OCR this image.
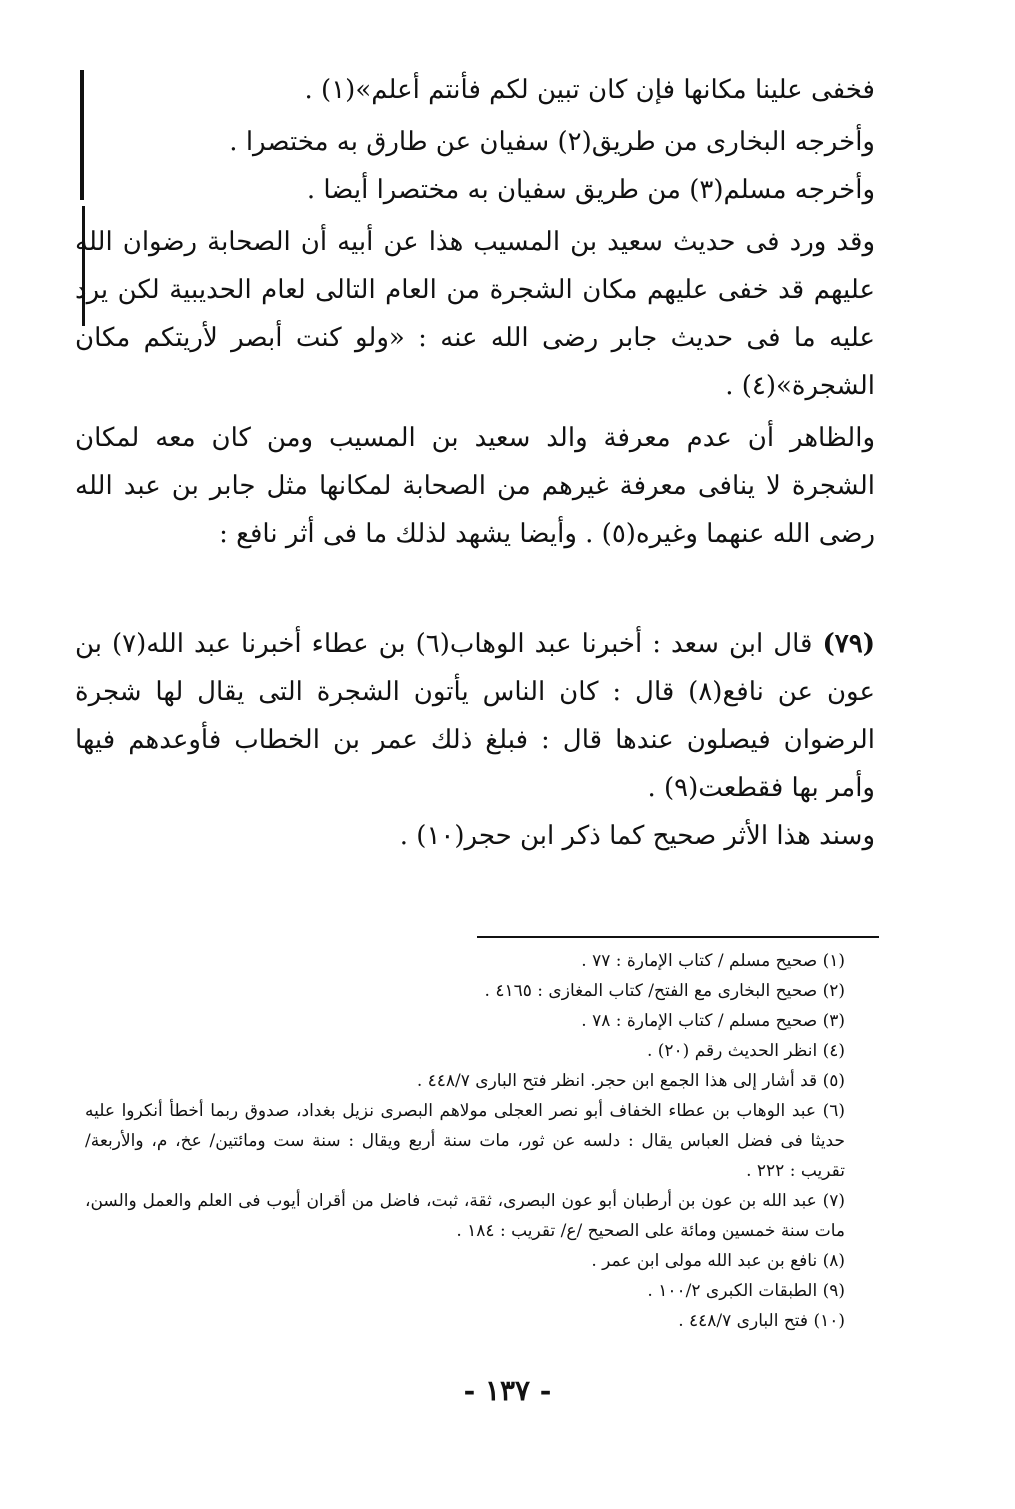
فخفى علينا مكانها فإن كان تبين لكم فأنتم أعلم»(١) .

وأخرجه البخارى من طريق(٢) سفيان عن طارق به مختصرا .

وأخرجه مسلم(٣) من طريق سفيان به مختصرا أيضا .

وقد ورد فى حديث سعيد بن المسيب هذا عن أبيه أن الصحابة رضوان الله عليهم قد خفى عليهم مكان الشجرة من العام التالى لعام الحديبية لكن يرد عليه ما فى حديث جابر رضى الله عنه : «ولو كنت أبصر لأريتكم مكان الشجرة»(٤) .

والظاهر أن عدم معرفة والد سعيد بن المسيب ومن كان معه لمكان الشجرة لا ينافى معرفة غيرهم من الصحابة لمكانها مثل جابر بن عبد الله رضى الله عنهما وغيره(٥) . وأيضا يشهد لذلك ما فى أثر نافع :

(٧٩) قال ابن سعد : أخبرنا عبد الوهاب(٦) بن عطاء أخبرنا عبد الله(٧) بن عون عن نافع(٨) قال : كان الناس يأتون الشجرة التى يقال لها شجرة الرضوان فيصلون عندها قال : فبلغ ذلك عمر بن الخطاب فأوعدهم فيها وأمر بها فقطعت(٩) .

وسند هذا الأثر صحيح كما ذكر ابن حجر(١٠) .

(١) صحيح مسلم / كتاب الإمارة : ٧٧ .

(٢) صحيح البخارى مع الفتح/ كتاب المغازى : ٤١٦٥ .

(٣) صحيح مسلم / كتاب الإمارة : ٧٨ .

(٤) انظر الحديث رقم (٢٠) .

(٥) قد أشار إلى هذا الجمع ابن حجر. انظر فتح البارى ٤٤٨/٧ .

(٦) عبد الوهاب بن عطاء الخفاف أبو نصر العجلى مولاهم البصرى نزيل بغداد، صدوق ربما أخطأ أنكروا عليه حديثا فى فضل العباس يقال : دلسه عن ثور، مات سنة أربع ويقال : سنة ست ومائتين/ عخ، م، والأربعة/ تقريب : ٢٢٢ .

(٧) عبد الله بن عون بن أرطبان أبو عون البصرى، ثقة، ثبت، فاضل من أقران أيوب فى العلم والعمل والسن، مات سنة خمسين ومائة على الصحيح /ع/ تقريب : ١٨٤ .

(٨) نافع بن عبد الله مولى ابن عمر .

(٩) الطبقات الكبرى ١٠٠/٢ .

(١٠) فتح البارى ٤٤٨/٧ .

- ١٣٧ -
